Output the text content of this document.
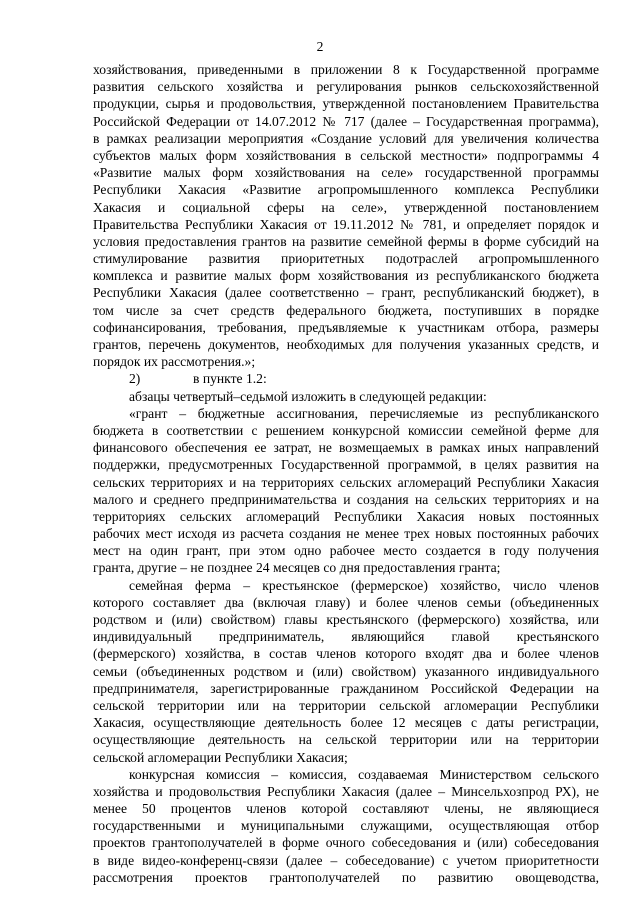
2
хозяйствования, приведенными в приложении 8 к Государственной программе
развития сельского хозяйства и регулирования рынков сельскохозяйственной
продукции, сырья и продовольствия, утвержденной постановлением Правительства
Российской Федерации от 14.07.2012 № 717 (далее – Государственная программа),
в рамках реализации мероприятия «Создание условий для увеличения количества
субъектов малых форм хозяйствования в сельской местности» подпрограммы 4
«Развитие малых форм хозяйствования на селе» государственной программы
Республики Хакасия «Развитие агропромышленного комплекса Республики
Хакасия и социальной сферы на селе», утвержденной постановлением
Правительства Республики Хакасия от 19.11.2012 № 781, и определяет порядок и
условия предоставления грантов на развитие семейной фермы в форме субсидий на
стимулирование развития приоритетных подотраслей агропромышленного
комплекса и развитие малых форм хозяйствования из республиканского бюджета
Республики Хакасия (далее соответственно – грант, республиканский бюджет), в
том числе за счет средств федерального бюджета, поступивших в порядке
софинансирования, требования, предъявляемые к участникам отбора, размеры
грантов, перечень документов, необходимых для получения указанных средств, и
порядок их рассмотрения.»;
2)	в пункте 1.2:
абзацы четвертый–седьмой изложить в следующей редакции:
«грант – бюджетные ассигнования, перечисляемые из республиканского
бюджета в соответствии с решением конкурсной комиссии семейной ферме для
финансового обеспечения ее затрат, не возмещаемых в рамках иных направлений
поддержки, предусмотренных Государственной программой, в целях развития на
сельских территориях и на территориях сельских агломераций Республики Хакасия
малого и среднего предпринимательства и создания на сельских территориях и на
территориях сельских агломераций Республики Хакасия новых постоянных
рабочих мест исходя из расчета создания не менее трех новых постоянных рабочих
мест на один грант, при этом одно рабочее место создается в году получения
гранта, другие – не позднее 24 месяцев со дня предоставления гранта;
семейная ферма – крестьянское (фермерское) хозяйство, число членов
которого составляет два (включая главу) и более членов семьи (объединенных
родством и (или) свойством) главы крестьянского (фермерского) хозяйства, или
индивидуальный предприниматель, являющийся главой крестьянского
(фермерского) хозяйства, в состав членов которого входят два и более членов
семьи (объединенных родством и (или) свойством) указанного индивидуального
предпринимателя, зарегистрированные гражданином Российской Федерации на
сельской территории или на территории сельской агломерации Республики
Хакасия, осуществляющие деятельность более 12 месяцев с даты регистрации,
осуществляющие деятельность на сельской территории или на территории
сельской агломерации Республики Хакасия;
конкурсная комиссия – комиссия, создаваемая Министерством сельского
хозяйства и продовольствия Республики Хакасия (далее – Минсельхозпрод РХ), не
менее 50 процентов членов которой составляют члены, не являющиеся
государственными и муниципальными служащими, осуществляющая отбор
проектов грантополучателей в форме очного собеседования и (или) собеседования
в виде видео-конференц-связи (далее – собеседование) с учетом приоритетности
рассмотрения проектов грантополучателей по развитию овощеводства,
